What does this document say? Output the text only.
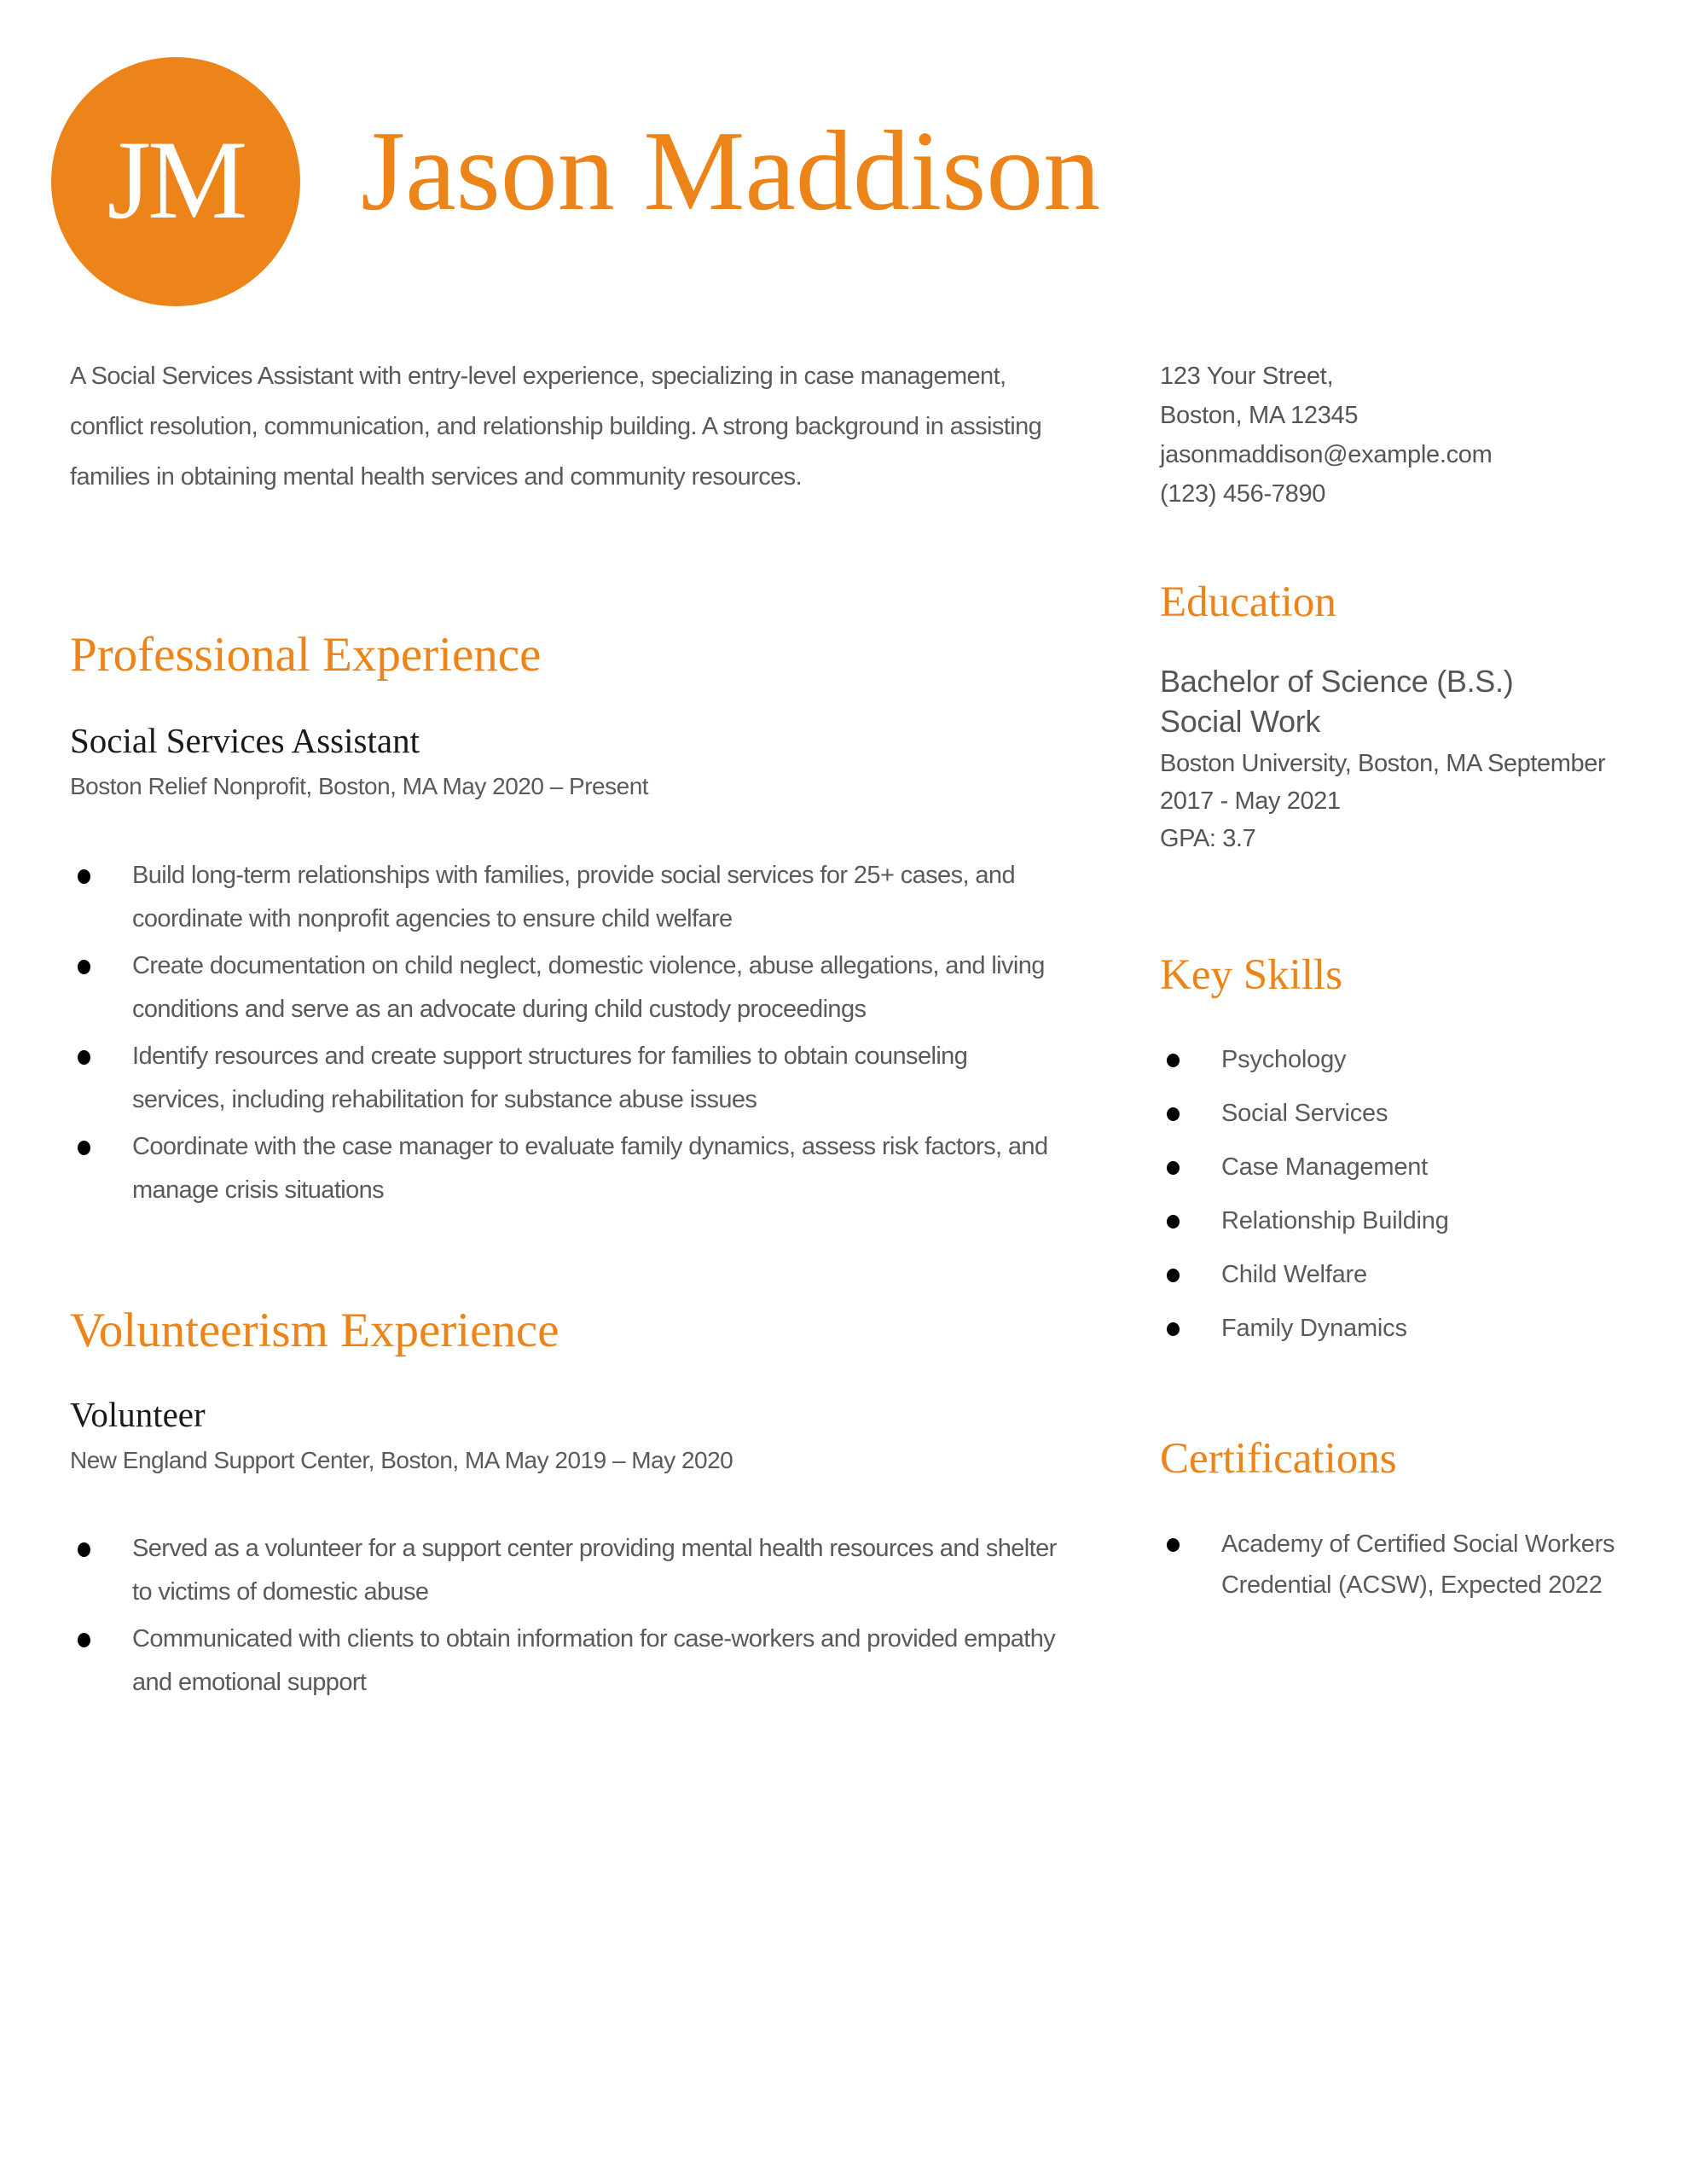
JM Jason Maddison

A Social Services Assistant with entry-level experience, specializing in case management, conflict resolution, communication, and relationship building. A strong background in assisting families in obtaining mental health services and community resources.

123 Your Street,
Boston, MA 12345
jasonmaddison@example.com
(123) 456-7890
Professional Experience
Social Services Assistant
Boston Relief Nonprofit, Boston, MA May 2020 – Present
Build long-term relationships with families, provide social services for 25+ cases, and coordinate with nonprofit agencies to ensure child welfare
Create documentation on child neglect, domestic violence, abuse allegations, and living conditions and serve as an advocate during child custody proceedings
Identify resources and create support structures for families to obtain counseling services, including rehabilitation for substance abuse issues
Coordinate with the case manager to evaluate family dynamics, assess risk factors, and manage crisis situations
Volunteerism Experience
Volunteer
New England Support Center, Boston, MA May 2019 – May 2020
Served as a volunteer for a support center providing mental health resources and shelter to victims of domestic abuse
Communicated with clients to obtain information for case-workers and provided empathy and emotional support
Education
Bachelor of Science (B.S.)
Social Work
Boston University, Boston, MA September
2017 - May 2021
GPA: 3.7
Key Skills
Psychology
Social Services
Case Management
Relationship Building
Child Welfare
Family Dynamics
Certifications
Academy of Certified Social Workers Credential (ACSW), Expected 2022
